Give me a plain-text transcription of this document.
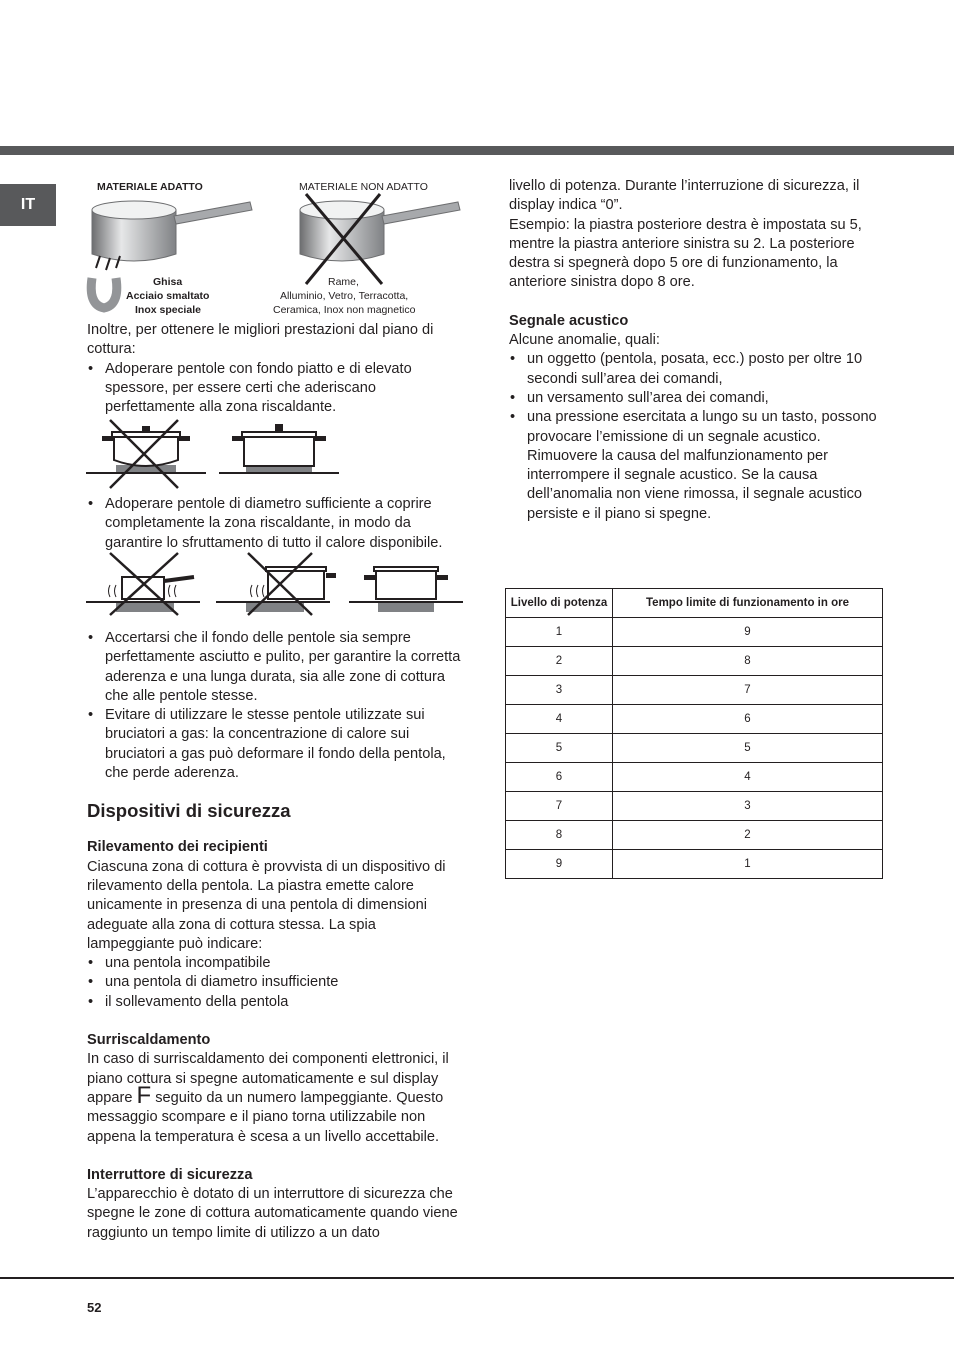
IT
MATERIALE ADATTO
Ghisa
Acciaio smaltato
Inox speciale
MATERIALE NON ADATTO
Rame,
Alluminio, Vetro, Terracotta,
Ceramica, Inox non magnetico

Inoltre, per ottenere le migliori prestazioni dal piano di cottura:

• Adoperare pentole con fondo piatto e di elevato spessore, per essere certi che aderiscano perfettamente alla zona riscaldante.
• Adoperare pentole di diametro sufficiente a coprire completamente la zona riscaldante, in modo da garantire lo sfruttamento di tutto il calore disponibile.
• Accertarsi che il fondo delle pentole sia sempre perfettamente asciutto e pulito, per garantire la corretta aderenza e una lunga durata, sia alle zone di cottura che alle pentole stesse.
• Evitare di utilizzare le stesse pentole utilizzate sui bruciatori a gas: la concentrazione di calore sui bruciatori a gas può deformare il fondo della pentola, che perde aderenza.

Dispositivi di sicurezza

Rilevamento dei recipienti

Ciascuna zona di cottura è provvista di un dispositivo di rilevamento della pentola. La piastra emette calore unicamente in presenza di una pentola di dimensioni adeguate alla zona di cottura stessa. La spia lampeggiante può indicare:

• una pentola incompatibile
• una pentola di diametro insufficiente
• il sollevamento della pentola

Surriscaldamento

In caso di surriscaldamento dei componenti elettronici, il piano cottura si spegne automaticamente e sul display appare F seguito da un numero lampeggiante. Questo messaggio scompare e il piano torna utilizzabile non appena la temperatura è scesa a un livello accettabile.

Interruttore di sicurezza

L’apparecchio è dotato di un interruttore di sicurezza che spegne le zone di cottura automaticamente quando viene raggiunto un tempo limite di utilizzo a un dato

livello di potenza. Durante l’interruzione di sicurezza, il display indica “0”.

Esempio: la piastra posteriore destra è impostata su 5, mentre la piastra anteriore sinistra su 2. La posteriore destra si spegnerà dopo 5 ore di funzionamento, la anteriore sinistra dopo 8 ore.

Segnale acustico

Alcune anomalie, quali:

• un oggetto (pentola, posata, ecc.) posto per oltre 10 secondi sull’area dei comandi,
• un versamento sull’area dei comandi,
• una pressione esercitata a lungo su un tasto, possono provocare l’emissione di un segnale acustico. Rimuovere la causa del malfunzionamento per interrompere il segnale acustico. Se la causa dell’anomalia non viene rimossa, il segnale acustico persiste e il piano si spegne.
Livello di potenza	Tempo limite di funzionamento in ore
1	9
2	8
3	7
4	6
5	5
6	4
7	3
8	2
9	1
52
